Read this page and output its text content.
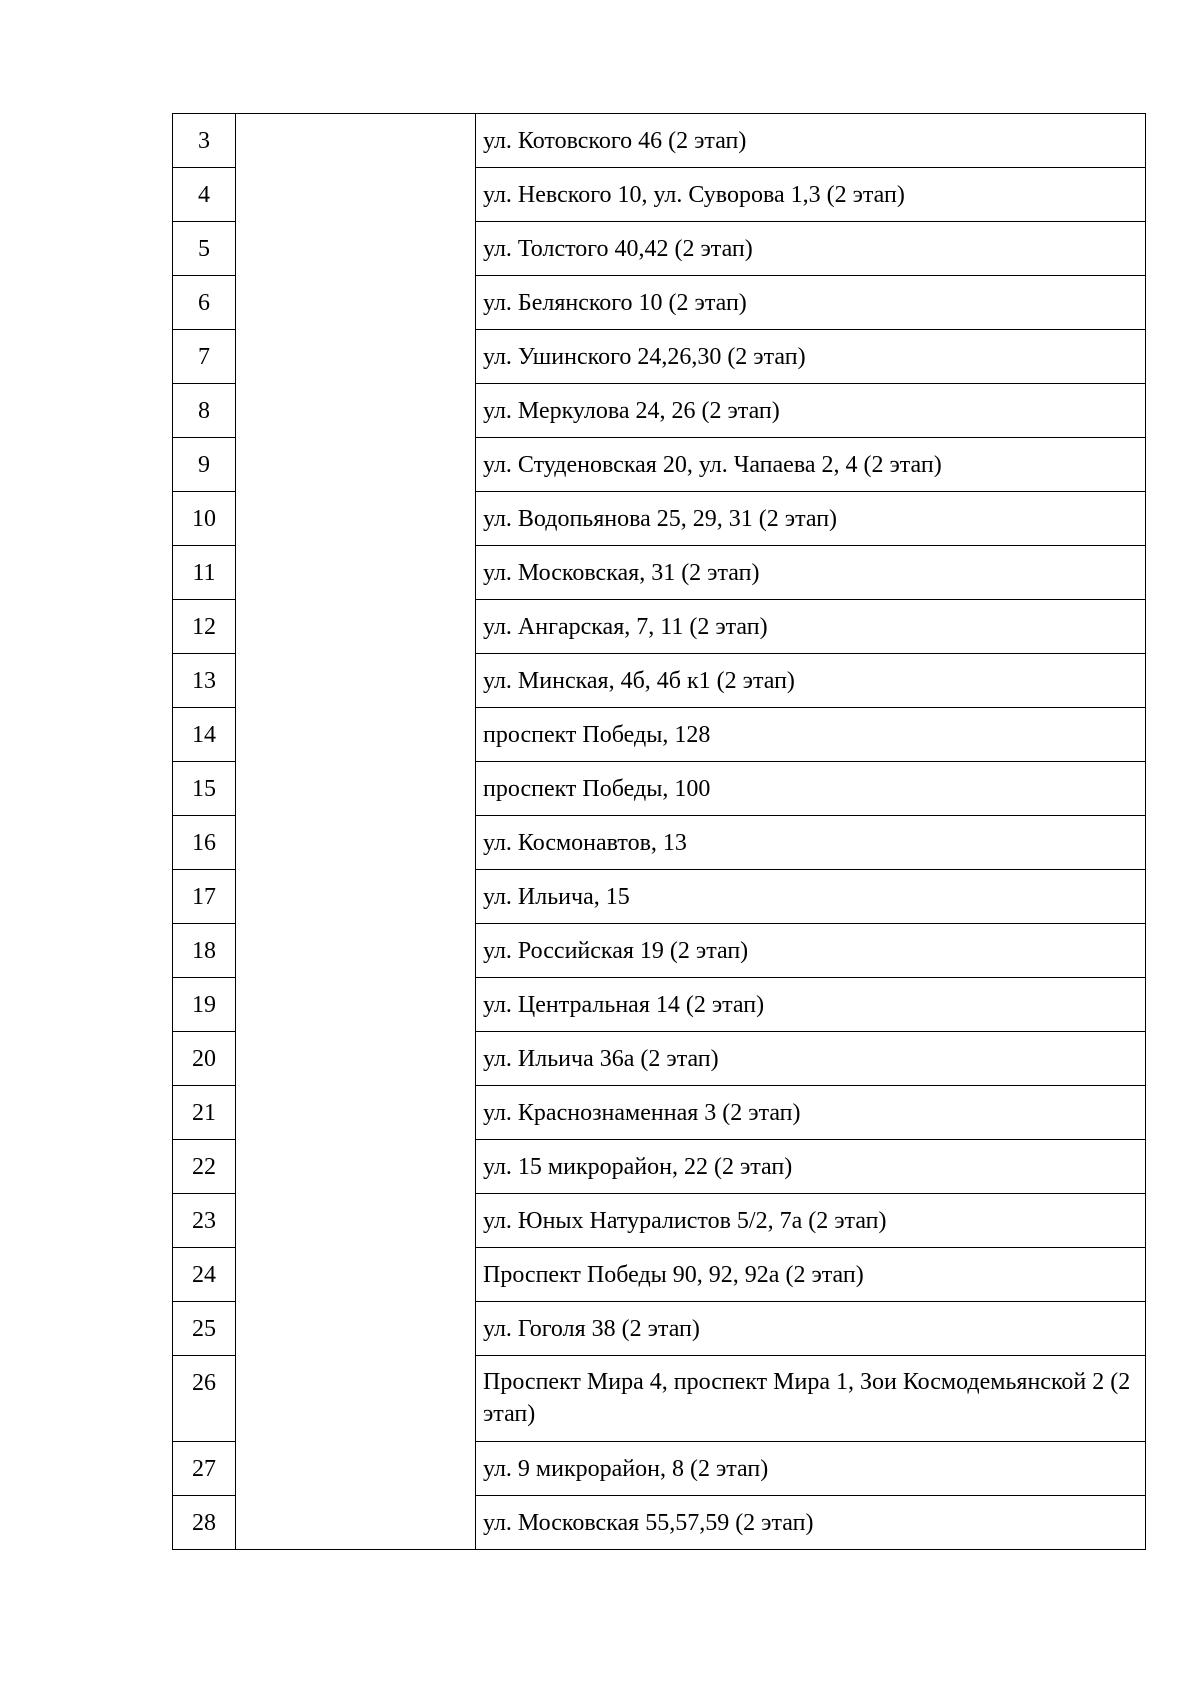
3		ул. Котовского 46 (2 этап)
4		ул. Невского 10, ул. Суворова 1,3 (2 этап)
5		ул. Толстого 40,42 (2 этап)
6		ул. Белянского 10 (2 этап)
7		ул. Ушинского 24,26,30 (2 этап)
8		ул. Меркулова 24, 26 (2 этап)
9		ул. Студеновская 20, ул. Чапаева 2, 4 (2 этап)
10		ул. Водопьянова 25, 29, 31 (2 этап)
11		ул. Московская, 31 (2 этап)
12		ул. Ангарская, 7, 11 (2 этап)
13		ул. Минская, 4б, 4б к1 (2 этап)
14		проспект Победы, 128
15		проспект Победы, 100
16		ул. Космонавтов, 13
17		ул. Ильича, 15
18		ул. Российская 19 (2 этап)
19		ул. Центральная 14 (2 этап)
20		ул. Ильича 36а (2 этап)
21		ул. Краснознаменная 3 (2 этап)
22		ул. 15 микрорайон, 22 (2 этап)
23		ул. Юных Натуралистов 5/2, 7а (2 этап)
24		Проспект Победы 90, 92, 92а (2 этап)
25		ул. Гоголя 38 (2 этап)
26		Проспект Мира 4, проспект Мира 1, Зои Космодемьянской 2 (2 этап)
27		ул. 9 микрорайон, 8 (2 этап)
28		ул. Московская 55,57,59 (2 этап)
